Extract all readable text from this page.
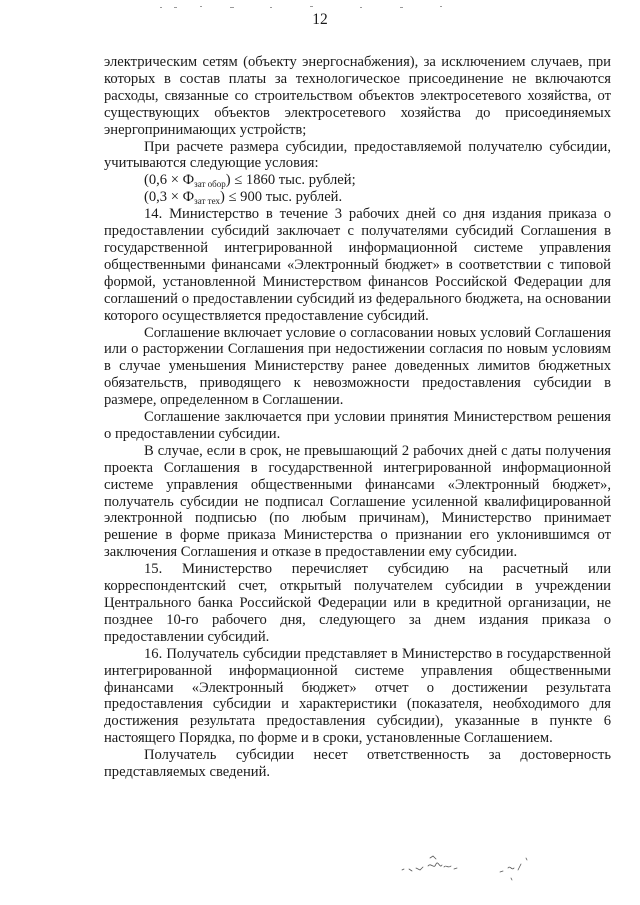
12

электрическим сетям (объекту энергоснабжения), за исключением случаев, при которых в состав платы за технологическое присоединение не включаются расходы, связанные со строительством объектов электросетевого хозяйства, от существующих объектов электросетевого хозяйства до присоединяемых энергопринимающих устройств;

При расчете размера субсидии, предоставляемой получателю субсидии, учитываются следующие условия:

$(0,6 \times Ф_{зат обор}) \le 1860$ тыс. рублей;

$(0,3 \times Ф_{зат тех}) \le 900$ тыс. рублей.

14. Министерство в течение 3 рабочих дней со дня издания приказа о предоставлении субсидий заключает с получателями субсидий Соглашения в государственной интегрированной информационной системе управления общественными финансами «Электронный бюджет» в соответствии с типовой формой, установленной Министерством финансов Российской Федерации для соглашений о предоставлении субсидий из федерального бюджета, на основании которого осуществляется предоставление субсидий.

Соглашение включает условие о согласовании новых условий Соглашения или о расторжении Соглашения при недостижении согласия по новым условиям в случае уменьшения Министерству ранее доведенных лимитов бюджетных обязательств, приводящего к невозможности предоставления субсидии в размере, определенном в Соглашении.

Соглашение заключается при условии принятия Министерством решения о предоставлении субсидии.

В случае, если в срок, не превышающий 2 рабочих дней с даты получения проекта Соглашения в государственной интегрированной информационной системе управления общественными финансами «Электронный бюджет», получатель субсидии не подписал Соглашение усиленной квалифицированной электронной подписью (по любым причинам), Министерство принимает решение в форме приказа Министерства о признании его уклонившимся от заключения Соглашения и отказе в предоставлении ему субсидии.

15. Министерство перечисляет субсидию на расчетный или корреспондентский счет, открытый получателем субсидии в учреждении Центрального банка Российской Федерации или в кредитной организации, не позднее 10-го рабочего дня, следующего за днем издания приказа о предоставлении субсидий.

16. Получатель субсидии представляет в Министерство в государственной интегрированной информационной системе управления общественными финансами «Электронный бюджет» отчет о достижении результата предоставления субсидии и характеристики (показателя, необходимого для достижения результата предоставления субсидии), указанные в пункте 6 настоящего Порядка, по форме и в сроки, установленные Соглашением.

Получатель субсидии несет ответственность за достоверность представляемых сведений.
